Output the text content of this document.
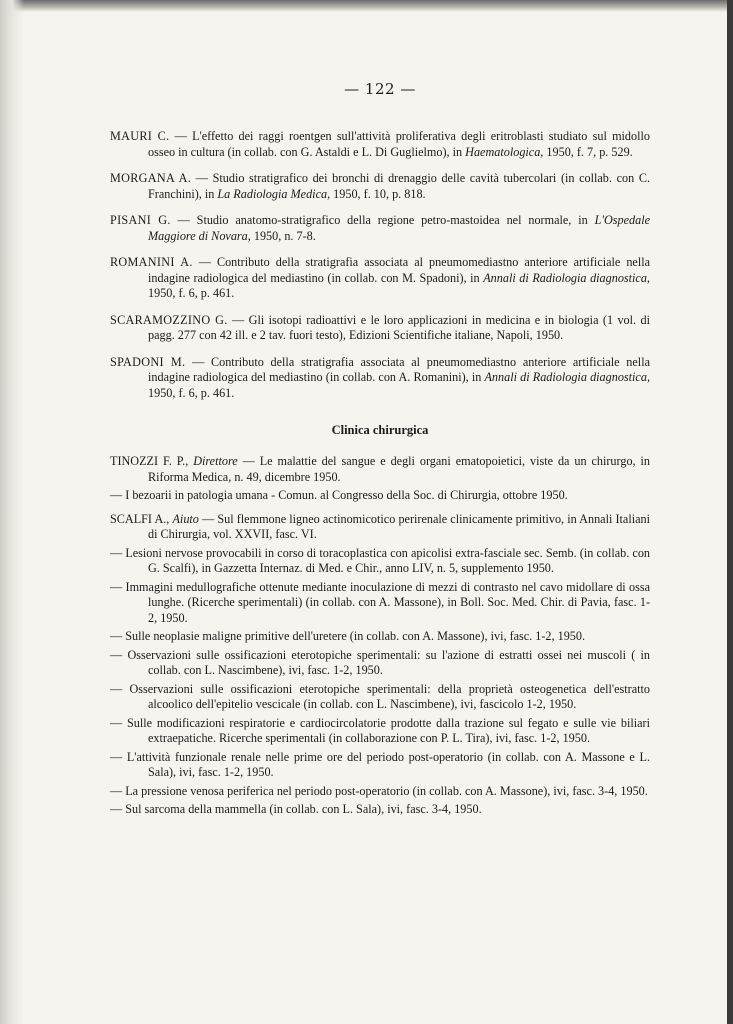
— 122 —

MAURI C. — L'effetto dei raggi roentgen sull'attività proliferativa degli eritroblasti studiato sul midollo osseo in cultura (in collab. con G. Astaldi e L. Di Guglielmo), in Haematologica, 1950, f. 7, p. 529.

MORGANA A. — Studio stratigrafico dei bronchi di drenaggio delle cavità tubercolari (in collab. con C. Franchini), in La Radiologia Medica, 1950, f. 10, p. 818.

PISANI G. — Studio anatomo-stratigrafico della regione petro-mastoidea nel normale, in L'Ospedale Maggiore di Novara, 1950, n. 7-8.

ROMANINI A. — Contributo della stratigrafia associata al pneumomediastno anteriore artificiale nella indagine radiologica del mediastino (in collab. con M. Spadoni), in Annali di Radiologia diagnostica, 1950, f. 6, p. 461.

SCARAMOZZINO G. — Gli isotopi radioattivi e le loro applicazioni in medicina e in biologia (1 vol. di pagg. 277 con 42 ill. e 2 tav. fuori testo), Edizioni Scientifiche italiane, Napoli, 1950.

SPADONI M. — Contributo della stratigrafia associata al pneumomediastno anteriore artificiale nella indagine radiologica del mediastino (in collab. con A. Romanini), in Annali di Radiologia diagnostica, 1950, f. 6, p. 461.

Clinica chirurgica

TINOZZI F. P., Direttore — Le malattie del sangue e degli organi ematopoietici, viste da un chirurgo, in Riforma Medica, n. 49, dicembre 1950.

— I bezoarii in patologia umana - Comun. al Congresso della Soc. di Chirurgia, ottobre 1950.

SCALFI A., Aiuto — Sul flemmone ligneo actinomicotico perirenale clinicamente primitivo, in Annali Italiani di Chirurgia, vol. XXVII, fasc. VI.

— Lesioni nervose provocabili in corso di toracoplastica con apicolisi extra-fasciale sec. Semb. (in collab. con G. Scalfi), in Gazzetta Internaz. di Med. e Chir., anno LIV, n. 5, supplemento 1950.

— Immagini medullografiche ottenute mediante inoculazione di mezzi di contrasto nel cavo midollare di ossa lunghe. (Ricerche sperimentali) (in collab. con A. Massone), in Boll. Soc. Med. Chir. di Pavia, fasc. 1-2, 1950.

— Sulle neoplasie maligne primitive dell'uretere (in collab. con A. Massone), ivi, fasc. 1-2, 1950.

— Osservazioni sulle ossificazioni eterotopiche sperimentali: su l'azione di estratti ossei nei muscoli ( in collab. con L. Nascimbene), ivi, fasc. 1-2, 1950.

— Osservazioni sulle ossificazioni eterotopiche sperimentali: della proprietà osteogenetica dell'estratto alcoolico dell'epitelio vescicale (in collab. con L. Nascimbene), ivi, fascicolo 1-2, 1950.

— Sulle modificazioni respiratorie e cardiocircolatorie prodotte dalla trazione sul fegato e sulle vie biliari extraepatiche. Ricerche sperimentali (in collaborazione con P. L. Tira), ivi, fasc. 1-2, 1950.

— L'attività funzionale renale nelle prime ore del periodo post-operatorio (in collab. con A. Massone e L. Sala), ivi, fasc. 1-2, 1950.

— La pressione venosa periferica nel periodo post-operatorio (in collab. con A. Massone), ivi, fasc. 3-4, 1950.

— Sul sarcoma della mammella (in collab. con L. Sala), ivi, fasc. 3-4, 1950.
